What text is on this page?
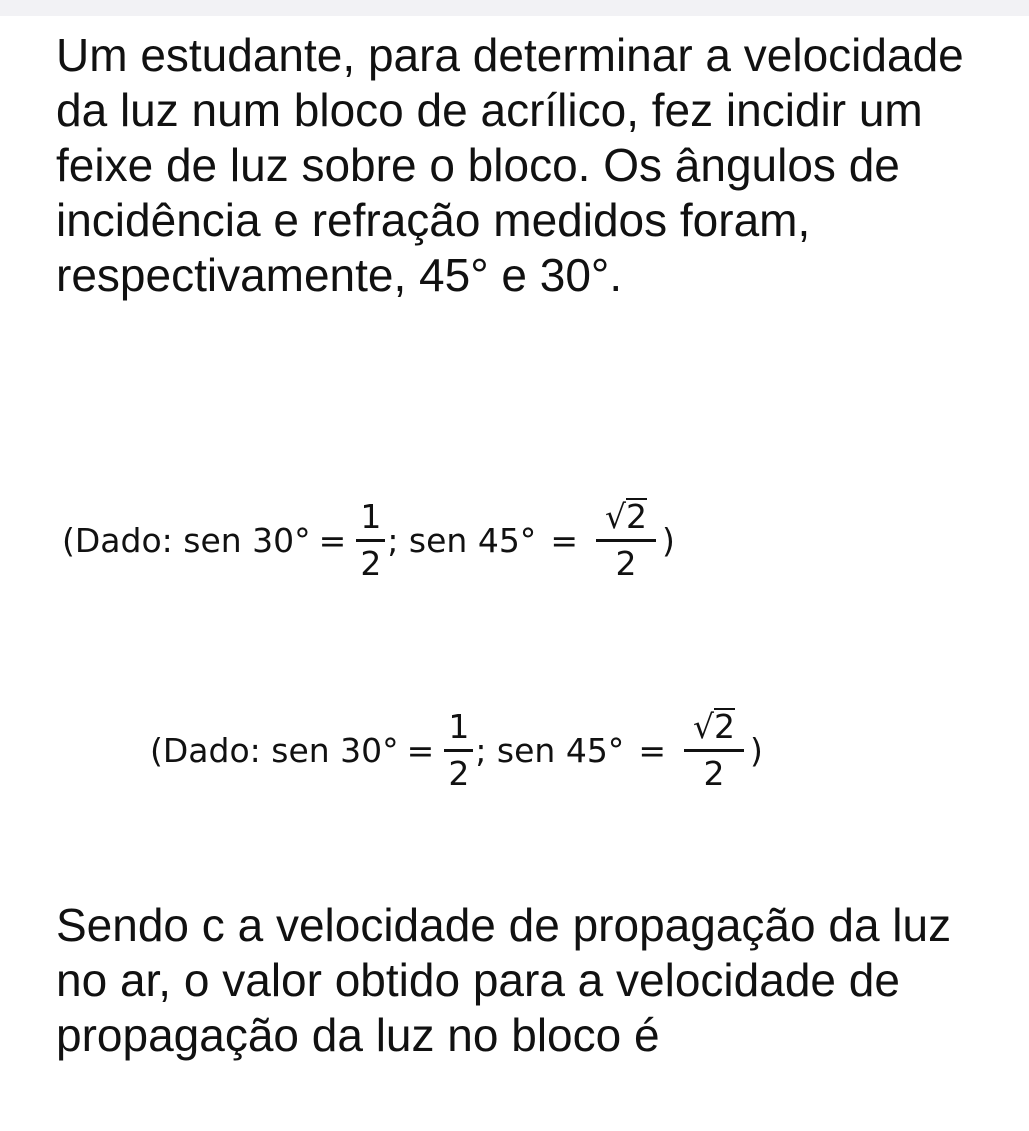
Um estudante, para determinar a velocidade da luz num bloco de acrílico, fez incidir um feixe de luz sobre o bloco. Os ângulos de incidência e refração medidos foram, respectivamente, 45° e 30°.

(Dado: sen $30^\circ = \frac{1}{2}$ ; sen $45^\circ = \frac{√2}{2}$ )
(Dado: sen $30^\circ = \frac{1}{2}$ ; sen $45^\circ = \frac{√2}{2}$ )

Sendo c a velocidade de propagação da luz no ar, o valor obtido para a velocidade de propagação da luz no bloco é
